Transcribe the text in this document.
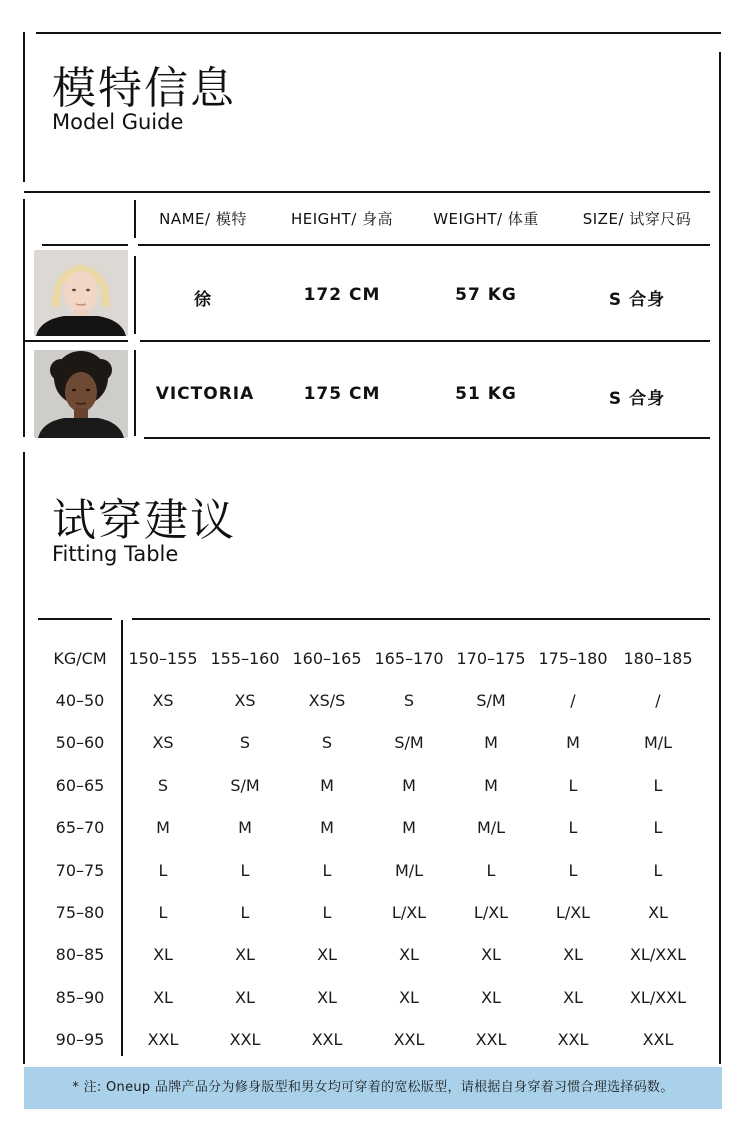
模特信息
Model Guide
NAME/ 模特	HEIGHT/ 身高	WEIGHT/ 体重	SIZE/ 试穿尺码
徐	172 CM	57 KG	S 合身
VICTORIA	175 CM	51 KG	S 合身
试穿建议
Fitting Table
KG/CM	150–155	155–160	160–165	165–170	170–175	175–180	180–185
40–50	XS	XS	XS/S	S	S/M	/	/
50–60	XS	S	S	S/M	M	M	M/L
60–65	S	S/M	M	M	M	L	L
65–70	M	M	M	M	M/L	L	L
70–75	L	L	L	M/L	L	L	L
75–80	L	L	L	L/XL	L/XL	L/XL	XL
80–85	XL	XL	XL	XL	XL	XL	XL/XXL
85–90	XL	XL	XL	XL	XL	XL	XL/XXL
90–95	XXL	XXL	XXL	XXL	XXL	XXL	XXL
* 注: Oneup 品牌产品分为修身版型和男女均可穿着的宽松版型，请根据自身穿着习惯合理选择码数。
